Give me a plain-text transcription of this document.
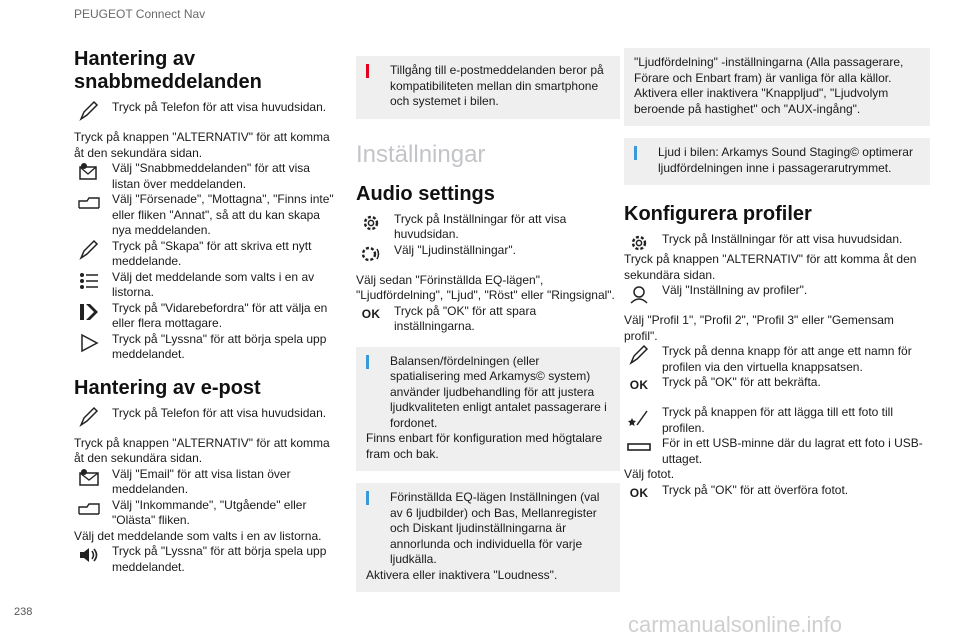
PEUGEOT Connect Nav
Hantering av snabbmeddelanden

Tryck på Telefon för att visa huvudsidan.

Tryck på knappen "ALTERNATIV" för att komma åt den sekundära sidan.

Välj "Snabbmeddelanden" för att visa listan över meddelanden.

Välj "Försenade", "Mottagna", "Finns inte" eller fliken "Annat", så att du kan skapa nya meddelanden.

Tryck på "Skapa" för att skriva ett nytt meddelande.

Välj det meddelande som valts i en av listorna.

Tryck på "Vidarebefordra" för att välja en eller flera mottagare.

Tryck på "Lyssna" för att börja spela upp meddelandet.

Hantering av e-post

Tryck på Telefon för att visa huvudsidan.

Tryck på knappen "ALTERNATIV" för att komma åt den sekundära sidan.

Välj "Email" för att visa listan över meddelanden.

Välj "Inkommande", "Utgående" eller "Olästa" fliken.

Välj det meddelande som valts i en av listorna.

Tryck på "Lyssna" för att börja spela upp meddelandet.

Tillgång till e-postmeddelanden beror på kompatibiliteten mellan din smartphone och systemet i bilen.

Inställningar
Audio settings

Tryck på Inställningar för att visa huvudsidan.

Välj "Ljudinställningar".

Välj sedan "Förinställda EQ-lägen", "Ljudfördelning", "Ljud", "Röst" eller "Ringsignal".

OK	Tryck på "OK" för att spara inställningarna.

Balansen/fördelningen (eller spatialisering med Arkamys© system) använder ljudbehandling för att justera ljudkvaliteten enligt antalet passagerare i fordonet.

Finns enbart för konfiguration med högtalare fram och bak.

Förinställda EQ-lägen Inställningen (val av 6 ljudbilder) och Bas, Mellanregister och Diskant ljudinställningarna är annorlunda och individuella för varje ljudkälla.

Aktivera eller inaktivera "Loudness".

"Ljudfördelning" -inställningarna (Alla passagerare, Förare och Enbart fram) är vanliga för alla källor.

Aktivera eller inaktivera "Knappljud", "Ljudvolym beroende på hastighet" och "AUX-ingång".

Ljud i bilen: Arkamys Sound Staging© optimerar ljudfördelningen inne i passagerarutrymmet.

Konfigurera profiler

Tryck på Inställningar för att visa huvudsidan.

Tryck på knappen "ALTERNATIV" för att komma åt den sekundära sidan.

Välj "Inställning av profiler".

Välj "Profil 1", "Profil 2", "Profil 3" eller "Gemensam profil".

Tryck på denna knapp för att ange ett namn för profilen via den virtuella knappsatsen.

OK	Tryck på "OK" för att bekräfta.

Tryck på knappen för att lägga till ett foto till profilen.

För in ett USB-minne där du lagrat ett foto i USB-uttaget.

Välj fotot.

OK	Tryck på "OK" för att överföra fotot.

238	carmanualsonline.info
